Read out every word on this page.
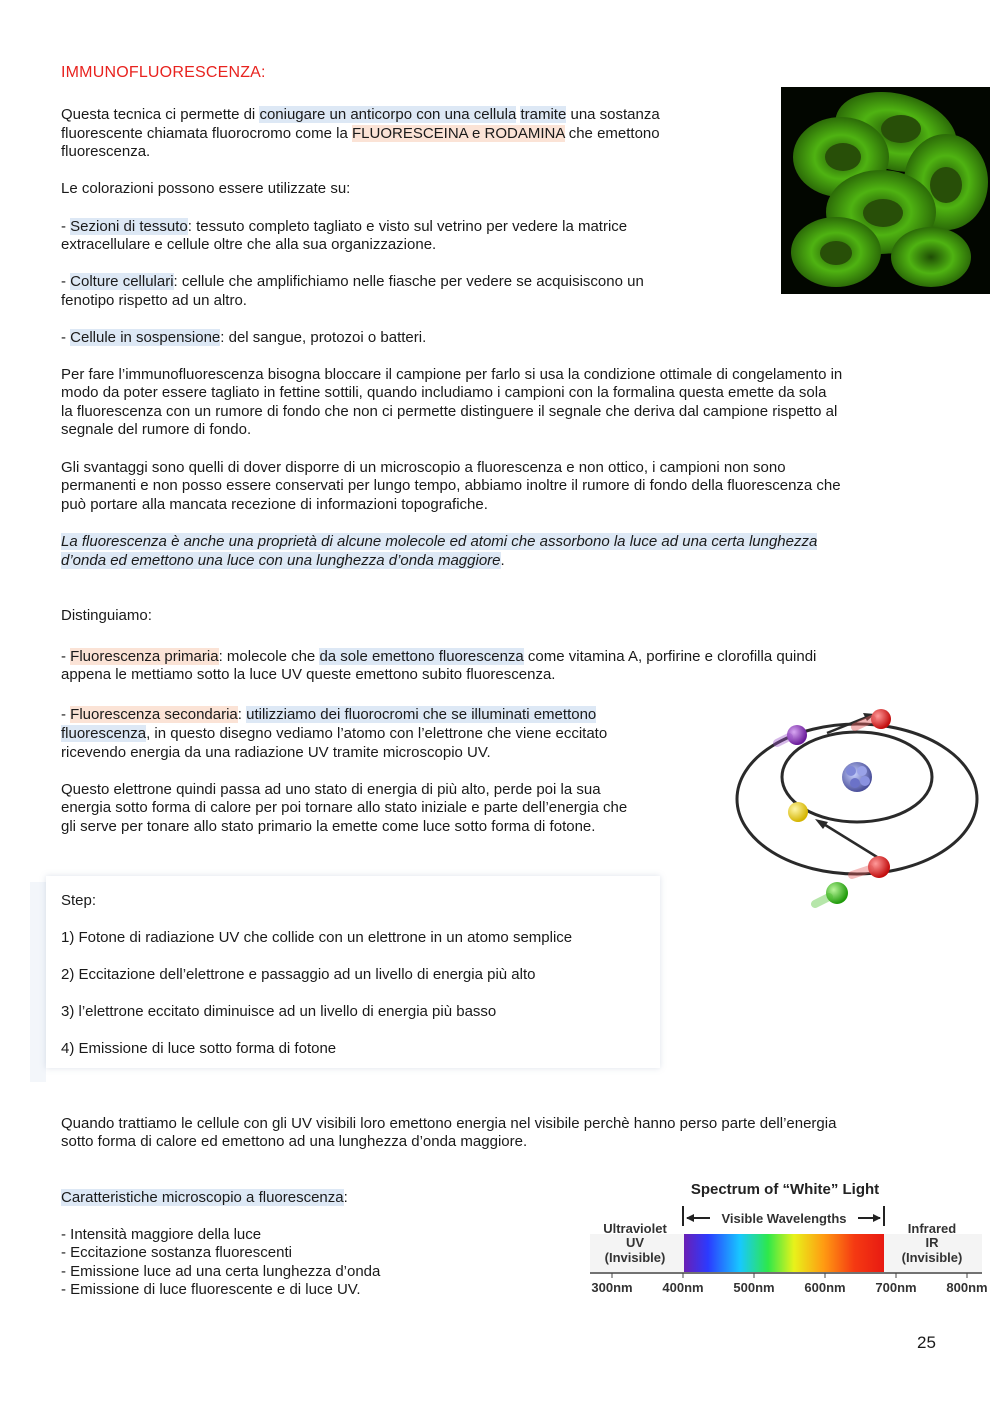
IMMUNOFLUORESCENZA:
Questa tecnica ci permette di coniugare un anticorpo con una cellula tramite una sostanza
fluorescente chiamata fluorocromo come la FLUORESCEINA e RODAMINA che emettono
fluorescenza.
Le colorazioni possono essere utilizzate su:
- Sezioni di tessuto: tessuto completo tagliato e visto sul vetrino per vedere la matrice
extracellulare e cellule oltre che alla sua organizzazione.
- Colture cellulari: cellule che amplifichiamo nelle fiasche per vedere se acquisiscono un
fenotipo rispetto ad un altro.
- Cellule in sospensione: del sangue, protozoi o batteri.
Per fare l’immunofluorescenza bisogna bloccare il campione per farlo si usa la condizione ottimale di congelamento in
modo da poter essere tagliato in fettine sottili, quando includiamo i campioni con la formalina questa emette da sola
la fluorescenza con un rumore di fondo che non ci permette distinguere il segnale che deriva dal campione rispetto al
segnale del rumore di fondo.
Gli svantaggi sono quelli di dover disporre di un microscopio a fluorescenza e non ottico, i campioni non sono
permanenti e non posso essere conservati per lungo tempo, abbiamo inoltre il rumore di fondo della fluorescenza che
può portare alla mancata recezione di informazioni topografiche.
La fluorescenza è anche una proprietà di alcune molecole ed atomi che assorbono la luce ad una certa lunghezza
d’onda ed emettono una luce con una lunghezza d’onda maggiore.
Distinguiamo:
- Fluorescenza primaria: molecole che da sole emettono fluorescenza come vitamina A, porfirine e clorofilla quindi
appena le mettiamo sotto la luce UV queste emettono subito fluorescenza.
- Fluorescenza secondaria: utilizziamo dei fluorocromi che se illuminati emettono
fluorescenza, in questo disegno vediamo l’atomo con l’elettrone che viene eccitato
ricevendo energia da una radiazione UV tramite microscopio UV.
Questo elettrone quindi passa ad uno stato di energia di più alto, perde poi la sua
energia sotto forma di calore per poi tornare allo stato iniziale e parte dell’energia che
gli serve per tonare allo stato primario la emette come luce sotto forma di fotone.
Step:
1) Fotone di radiazione UV che collide con un elettrone in un atomo semplice
2) Eccitazione dell’elettrone e passaggio ad un livello di energia più alto
3) l’elettrone eccitato diminuisce ad un livello di energia più basso
4) Emissione di luce sotto forma di fotone
Quando trattiamo le cellule con gli UV visibili loro emettono energia nel visibile perchè hanno perso parte dell’energia
sotto forma di calore ed emettono ad una lunghezza d’onda maggiore.
Caratteristiche microscopio a fluorescenza:
- Intensità maggiore della luce
- Eccitazione sostanza fluorescenti
- Emissione luce ad una certa lunghezza d’onda
- Emissione di luce fluorescente e di luce UV.
Spectrum of “White” Light
Visible Wavelengths
Ultraviolet
UV
(Invisible)
Infrared
IR
(Invisible)
300nm 400nm 500nm 600nm 700nm 800nm
25
